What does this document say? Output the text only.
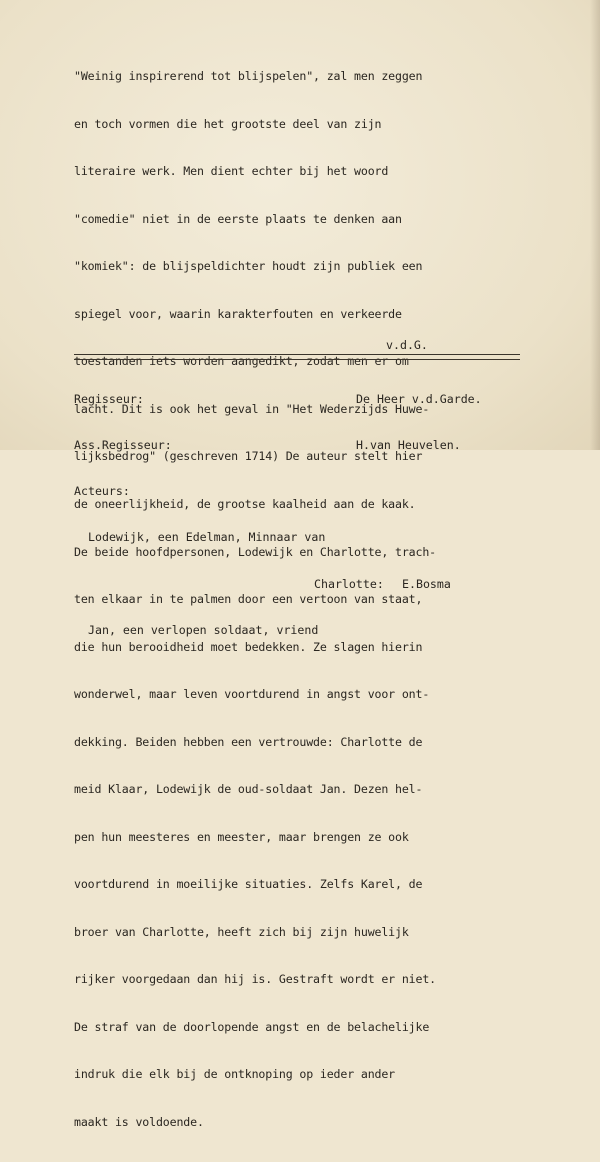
"Weinig inspirerend tot blijspelen", zal men zeggen

en toch vormen die het grootste deel van zijn

literaire werk. Men dient echter bij het woord

"comedie" niet in de eerste plaats te denken aan

"komiek": de blijspeldichter houdt zijn publiek een

spiegel voor, waarin karakterfouten en verkeerde

toestanden iets worden aangedikt, zodat men er om

lacht. Dit is ook het geval in "Het Wederzijds Huwe-

lijksbedrog" (geschreven 1714) De auteur stelt hier

de oneerlijkheid, de grootse kaalheid aan de kaak.

De beide hoofdpersonen, Lodewijk en Charlotte, trach-

ten elkaar in te palmen door een vertoon van staat,

die hun berooidheid moet bedekken. Ze slagen hierin

wonderwel, maar leven voortdurend in angst voor ont-

dekking. Beiden hebben een vertrouwde: Charlotte de

meid Klaar, Lodewijk de oud-soldaat Jan. Dezen hel-

pen hun meesteres en meester, maar brengen ze ook

voortdurend in moeilijke situaties. Zelfs Karel, de

broer van Charlotte, heeft zich bij zijn huwelijk

rijker voorgedaan dan hij is. Gestraft wordt er niet.

De straf van de doorlopende angst en de belachelijke

indruk die elk bij de ontknoping op ieder ander

maakt is voldoende.

v.d.G.

Regisseur:

	De Heer v.d.Garde.

Ass.Regisseur:

	H.van Heuvelen.

Acteurs:

Lodewijk, een Edelman, Minnaar van

Charlotte:

E.Bosma

Jan, een verlopen soldaat, vriend
